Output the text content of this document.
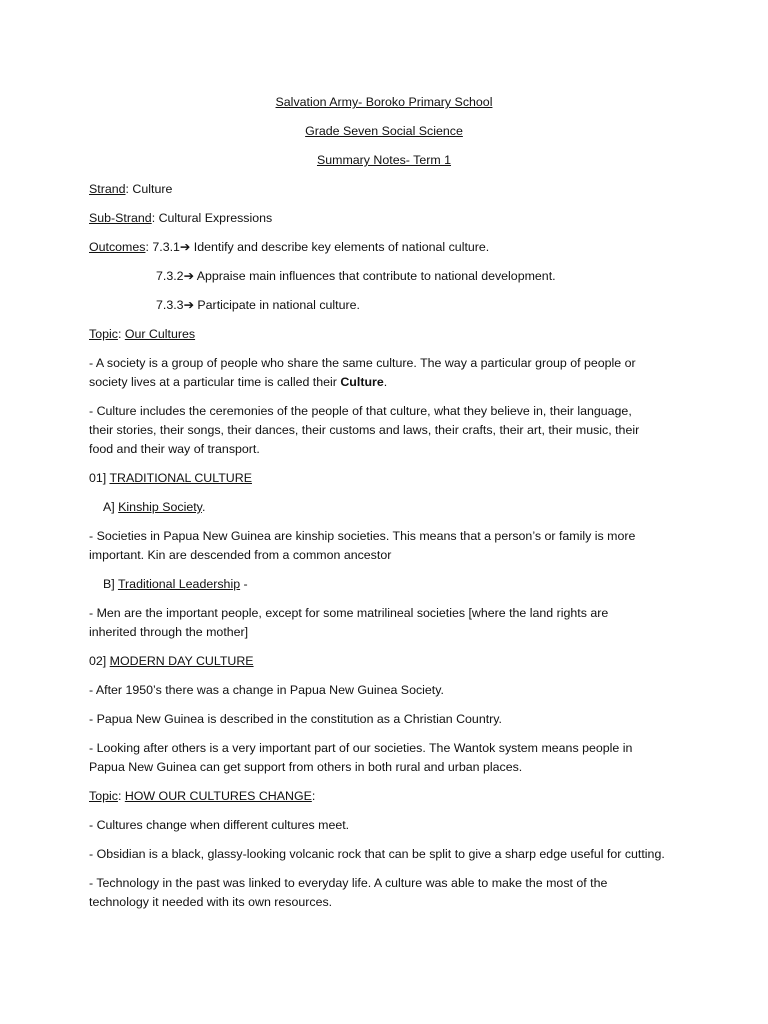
Salvation Army- Boroko Primary School
Grade Seven Social Science
Summary Notes- Term 1
Strand: Culture
Sub-Strand: Cultural Expressions
Outcomes: 7.3.1➔ Identify and describe key elements of national culture.
7.3.2➔ Appraise main influences that contribute to national development.
7.3.3➔ Participate in national culture.
Topic: Our Cultures
- A society is a group of people who share the same culture. The way a particular group of people or
society lives at a particular time is called their Culture.
- Culture includes the ceremonies of the people of that culture, what they believe in, their language,
their stories, their songs, their dances, their customs and laws, their crafts, their art, their music, their
food and their way of transport.
01] TRADITIONAL CULTURE
A] Kinship Society.
- Societies in Papua New Guinea are kinship societies. This means that a person’s or family is more
important. Kin are descended from a common ancestor
B] Traditional Leadership -
- Men are the important people, except for some matrilineal societies [where the land rights are
inherited through the mother]
02] MODERN DAY CULTURE
- After 1950’s there was a change in Papua New Guinea Society.
- Papua New Guinea is described in the constitution as a Christian Country.
- Looking after others is a very important part of our societies. The Wantok system means people in
Papua New Guinea can get support from others in both rural and urban places.
Topic: HOW OUR CULTURES CHANGE:
- Cultures change when different cultures meet.
- Obsidian is a black, glassy-looking volcanic rock that can be split to give a sharp edge useful for cutting.
- Technology in the past was linked to everyday life. A culture was able to make the most of the
technology it needed with its own resources.
